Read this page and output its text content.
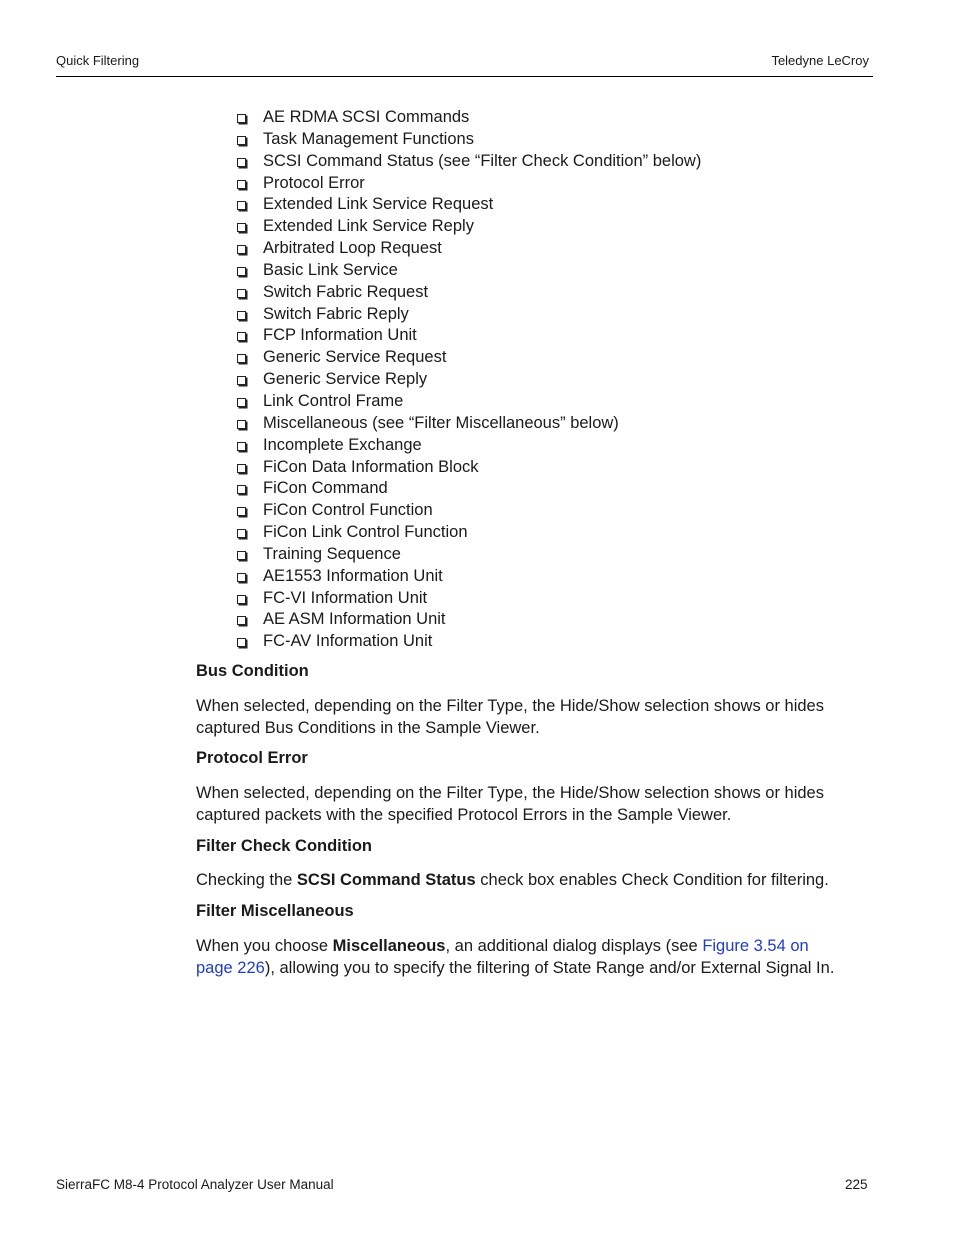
Quick Filtering	Teledyne LeCroy
AE RDMA SCSI Commands
Task Management Functions
SCSI Command Status (see “Filter Check Condition” below)
Protocol Error
Extended Link Service Request
Extended Link Service Reply
Arbitrated Loop Request
Basic Link Service
Switch Fabric Request
Switch Fabric Reply
FCP Information Unit
Generic Service Request
Generic Service Reply
Link Control Frame
Miscellaneous (see “Filter Miscellaneous” below)
Incomplete Exchange
FiCon Data Information Block
FiCon Command
FiCon Control Function
FiCon Link Control Function
Training Sequence
AE1553 Information Unit
FC-VI Information Unit
AE ASM Information Unit
FC-AV Information Unit
Bus Condition
When selected, depending on the Filter Type, the Hide/Show selection shows or hides
captured Bus Conditions in the Sample Viewer.
Protocol Error
When selected, depending on the Filter Type, the Hide/Show selection shows or hides
captured packets with the specified Protocol Errors in the Sample Viewer.
Filter Check Condition
Checking the SCSI Command Status check box enables Check Condition for filtering.
Filter Miscellaneous
When you choose Miscellaneous, an additional dialog displays (see Figure 3.54 on
page 226), allowing you to specify the filtering of State Range and/or External Signal In.
SierraFC M8-4 Protocol Analyzer User Manual	225
